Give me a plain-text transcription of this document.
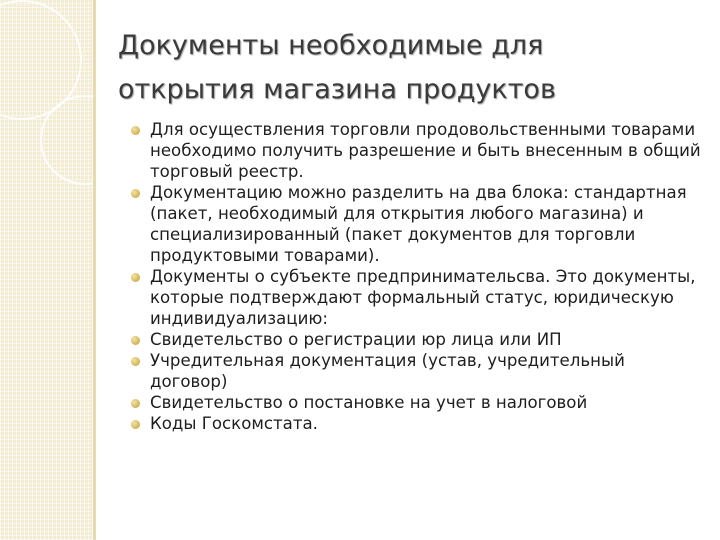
Документы необходимые для
открытия магазина продуктов
Для осуществления торговли продовольственными товарами необходимо получить разрешение и быть внесенным в общий торговый реестр.
Документацию можно разделить на два блока: стандартная (пакет, необходимый для открытия любого магазина) и специализированный (пакет документов для торговли продуктовыми товарами).
Документы о субъекте предпринимательсва. Это документы, которые подтверждают формальный статус, юридическую индивидуализацию:
Свидетельство о регистрации юр лица или ИП
Учредительная документация (устав, учредительный договор)
Свидетельство о постановке на учет в налоговой
Коды Госкомстата.
